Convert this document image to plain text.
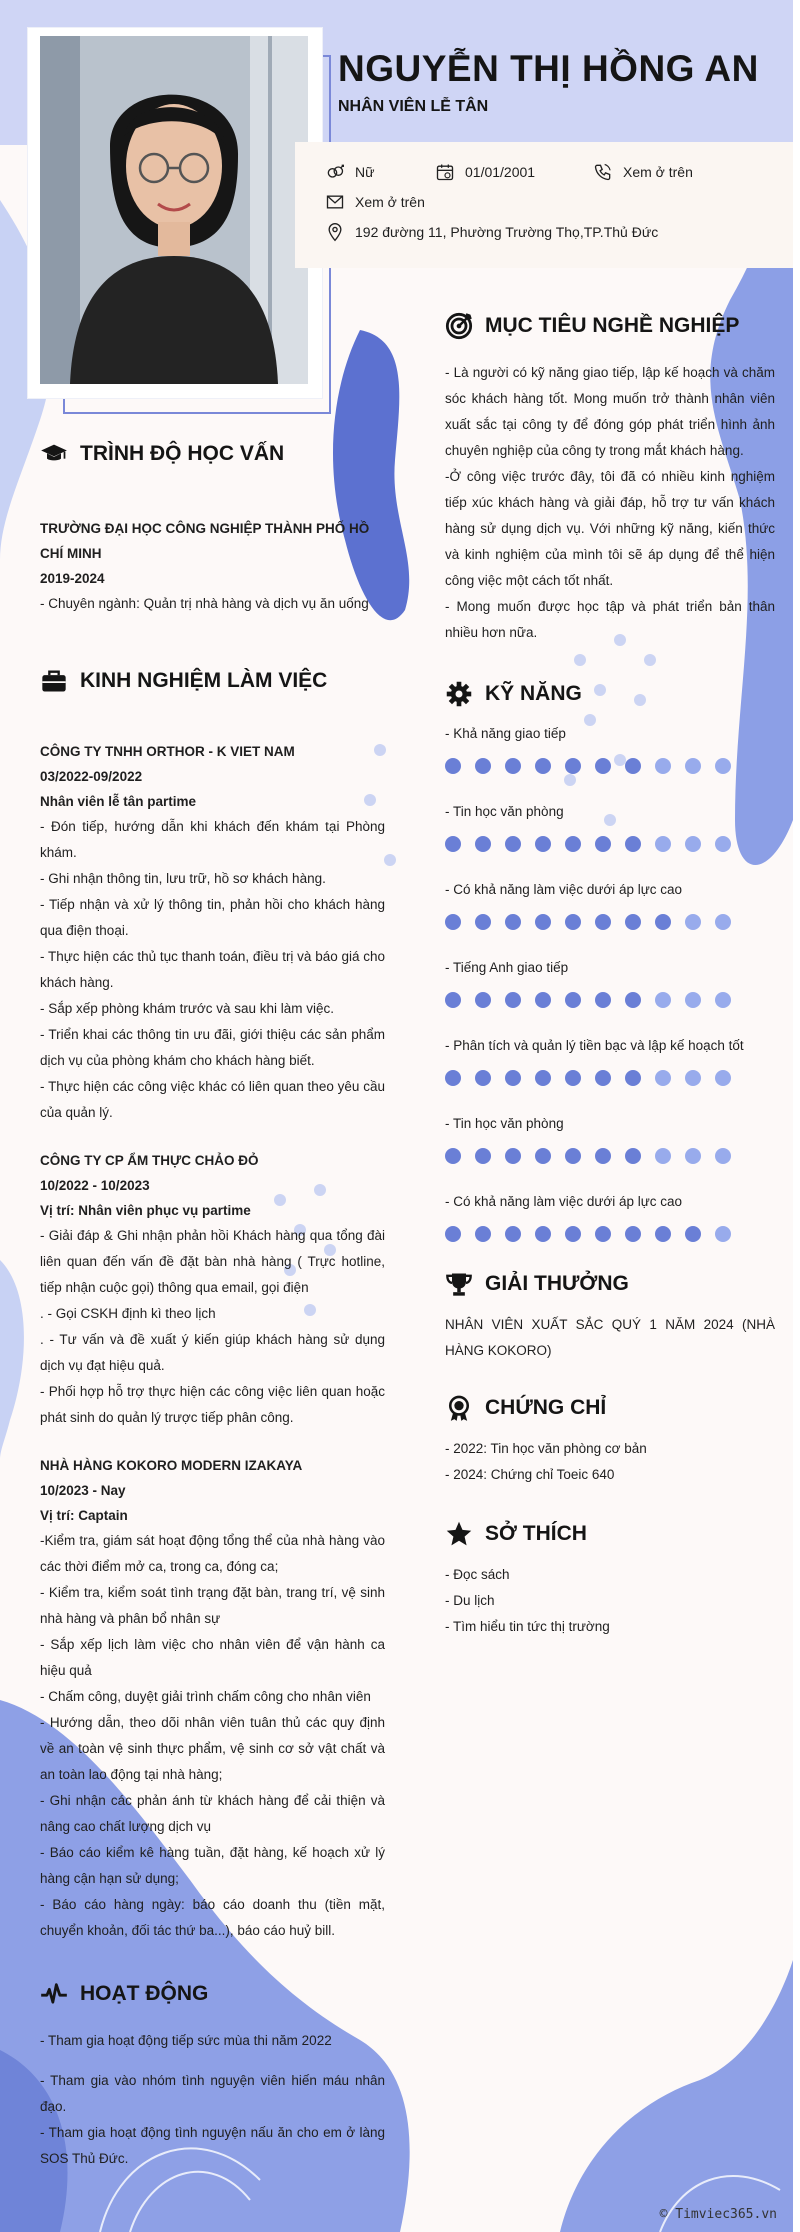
NGUYỄN THỊ HỒNG AN
NHÂN VIÊN LỄ TÂN
Nữ	01/01/2001	Xem ở trên
Xem ở trên
192 đường 11, Phường Trường Thọ,TP.Thủ Đức
TRÌNH ĐỘ HỌC VẤN

TRƯỜNG ĐẠI HỌC CÔNG NGHIỆP THÀNH PHỐ HỒ CHÍ MINH

2019-2024

- Chuyên ngành: Quản trị nhà hàng và dịch vụ ăn uống

KINH NGHIỆM LÀM VIỆC

CÔNG TY TNHH ORTHOR - K VIET NAM

03/2022-09/2022

Nhân viên lễ tân partime

- Đón tiếp, hướng dẫn khi khách đến khám tại Phòng khám.

- Ghi nhận thông tin, lưu trữ, hồ sơ khách hàng.

- Tiếp nhận và xử lý thông tin, phản hồi cho khách hàng qua điện thoại.

- Thực hiện các thủ tục thanh toán, điều trị và báo giá cho khách hàng.

- Sắp xếp phòng khám trước và sau khi làm việc.

- Triển khai các thông tin ưu đãi, giới thiệu các sản phẩm dịch vụ của phòng khám cho khách hàng biết.

- Thực hiện các công việc khác có liên quan theo yêu cầu của quản lý.

CÔNG TY CP ẨM THỰC CHẢO ĐỎ

10/2022 - 10/2023

Vị trí: Nhân viên phục vụ partime

- Giải đáp & Ghi nhận phản hồi Khách hàng qua tổng đài liên quan đến vấn đề đặt bàn nhà hàng ( Trực hotline, tiếp nhận cuộc gọi) thông qua email, gọi điện

. - Gọi CSKH định kì theo lịch

. - Tư vấn và đề xuất ý kiến giúp khách hàng sử dụng dịch vụ đạt hiệu quả.

- Phối hợp hỗ trợ thực hiện các công việc liên quan hoặc phát sinh do quản lý trược tiếp phân công.

NHÀ HÀNG KOKORO MODERN IZAKAYA

10/2023 - Nay

Vị trí: Captain

-Kiểm tra, giám sát hoạt động tổng thể của nhà hàng vào các thời điểm mở ca, trong ca, đóng ca;

- Kiểm tra, kiểm soát tình trạng đặt bàn, trang trí, vệ sinh nhà hàng và phân bổ nhân sự

- Sắp xếp lịch làm việc cho nhân viên để vận hành ca hiệu quả

- Chấm công, duyệt giải trình chấm công cho nhân viên

- Hướng dẫn, theo dõi nhân viên tuân thủ các quy định về an toàn vệ sinh thực phẩm, vệ sinh cơ sở vật chất và an toàn lao động tại nhà hàng;

- Ghi nhận các phản ánh từ khách hàng để cải thiện và nâng cao chất lượng dịch vụ

- Báo cáo kiểm kê hàng tuần, đặt hàng, kế hoạch xử lý hàng cận hạn sử dụng;

- Báo cáo hàng ngày: báo cáo doanh thu (tiền mặt, chuyển khoản, đối tác thứ ba...), báo cáo huỷ bill.

HOẠT ĐỘNG

- Tham gia hoạt động tiếp sức mùa thi năm 2022

- Tham gia vào nhóm tình nguyện viên hiến máu nhân đạo.

- Tham gia hoạt động tình nguyện nấu ăn cho em ở làng SOS Thủ Đức.

MỤC TIÊU NGHỀ NGHIỆP

- Là người có kỹ năng giao tiếp, lập kế hoạch và chăm sóc khách hàng tốt. Mong muốn trở thành nhân viên xuất sắc tại công ty để đóng góp phát triển hình ảnh chuyên nghiệp của công ty trong mắt khách hàng.

-Ở công việc trước đây, tôi đã có nhiều kinh nghiệm tiếp xúc khách hàng và giải đáp, hỗ trợ tư vấn khách hàng sử dụng dịch vụ. Với những kỹ năng, kiến thức và kinh nghiệm của mình tôi sẽ áp dụng để thể hiện công việc một cách tốt nhất.

- Mong muốn được học tập và phát triển bản thân nhiều hơn nữa.

KỸ NĂNG

- Khả năng giao tiếp

- Tin học văn phòng

- Có khả năng làm việc dưới áp lực cao

- Tiếng Anh giao tiếp

- Phân tích và quản lý tiền bạc và lập kế hoạch tốt

- Tin học văn phòng

- Có khả năng làm việc dưới áp lực cao

GIẢI THƯỞNG

NHÂN VIÊN XUẤT SẮC QUÝ 1 NĂM 2024 (NHÀ HÀNG KOKORO)

CHỨNG CHỈ

- 2022: Tin học văn phòng cơ bản

- 2024: Chứng chỉ Toeic 640

SỞ THÍCH

- Đọc sách

- Du lịch

- Tìm hiểu tin tức thị trường

© Timviec365.vn
